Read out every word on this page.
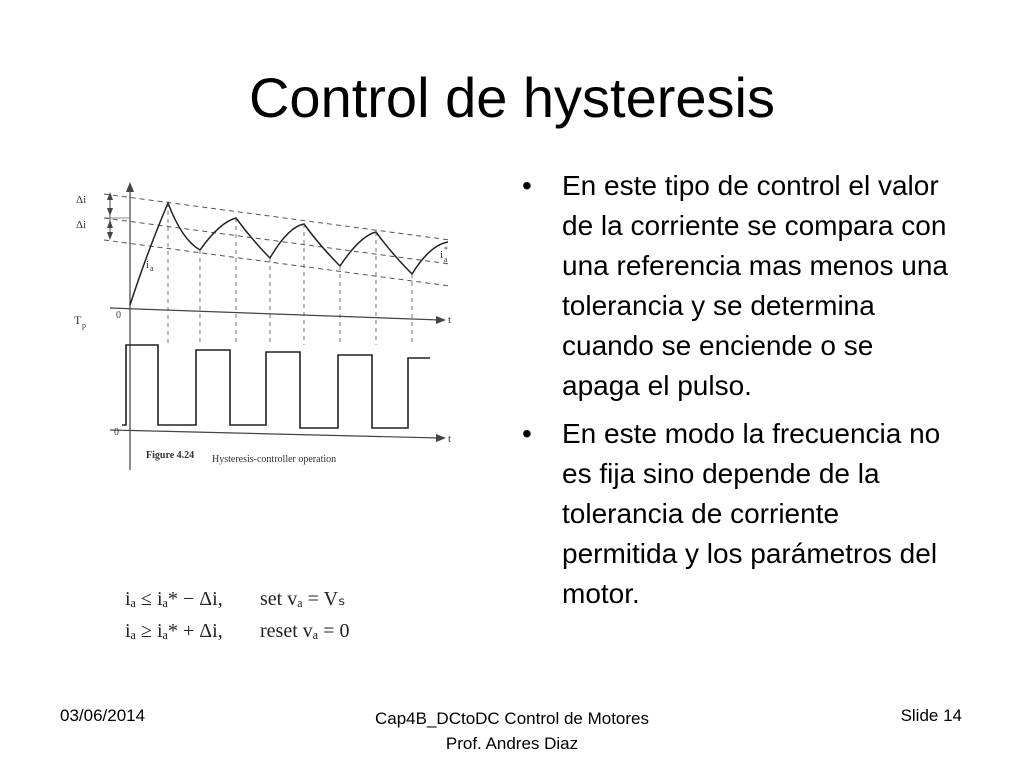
Control de hysteresis
Δi
Δi
i a
i *
a
T p
0
0
t
t
Figure 4.24 Hysteresis-controller operation
iₐ ≤ iₐ* − Δi, set vₐ = Vₛ
iₐ ≥ iₐ* + Δi, reset vₐ = 0
• En este tipo de control el valor de la corriente se compara con una referencia mas menos una tolerancia y se determina cuando se enciende o se apaga el pulso.
• En este modo la frecuencia no es fija sino depende de la tolerancia de corriente permitida y los parámetros del motor.
03/06/2014	Cap4B_DCtoDC Control de Motores Prof. Andres Diaz
Slide 14
